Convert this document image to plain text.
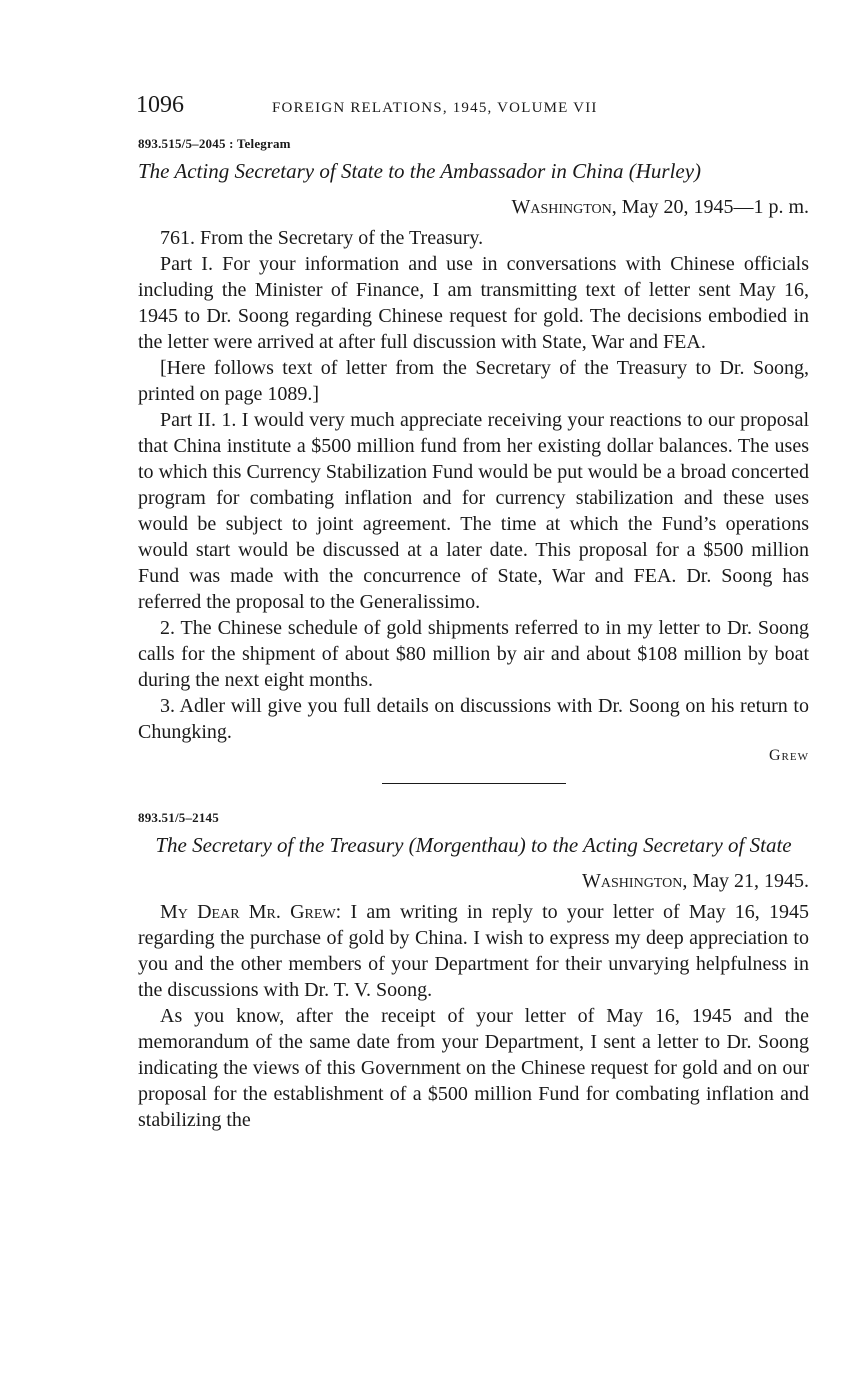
1096	FOREIGN RELATIONS, 1945, VOLUME VII
893.515/5–2045 : Telegram
The Acting Secretary of State to the Ambassador in China (Hurley)
Washington, May 20, 1945—1 p. m.

761. From the Secretary of the Treasury.

Part I. For your information and use in conversations with Chinese officials including the Minister of Finance, I am transmitting text of letter sent May 16, 1945 to Dr. Soong regarding Chinese request for gold. The decisions embodied in the letter were arrived at after full discussion with State, War and FEA.

[Here follows text of letter from the Secretary of the Treasury to Dr. Soong, printed on page 1089.]

Part II. 1. I would very much appreciate receiving your reactions to our proposal that China institute a $500 million fund from her existing dollar balances. The uses to which this Currency Stabilization Fund would be put would be a broad concerted program for combating inflation and for currency stabilization and these uses would be subject to joint agreement. The time at which the Fund’s operations would start would be discussed at a later date. This proposal for a $500 million Fund was made with the concurrence of State, War and FEA. Dr. Soong has referred the proposal to the Generalissimo.

2. The Chinese schedule of gold shipments referred to in my letter to Dr. Soong calls for the shipment of about $80 million by air and about $108 million by boat during the next eight months.

3. Adler will give you full details on discussions with Dr. Soong on his return to Chungking.

Grew
893.51/5–2145
The Secretary of the Treasury (Morgenthau) to the Acting Secretary of State
Washington, May 21, 1945.

My Dear Mr. Grew: I am writing in reply to your letter of May 16, 1945 regarding the purchase of gold by China. I wish to express my deep appreciation to you and the other members of your Department for their unvarying helpfulness in the discussions with Dr. T. V. Soong.

As you know, after the receipt of your letter of May 16, 1945 and the memorandum of the same date from your Department, I sent a letter to Dr. Soong indicating the views of this Government on the Chinese request for gold and on our proposal for the establishment of a $500 million Fund for combating inflation and stabilizing the
